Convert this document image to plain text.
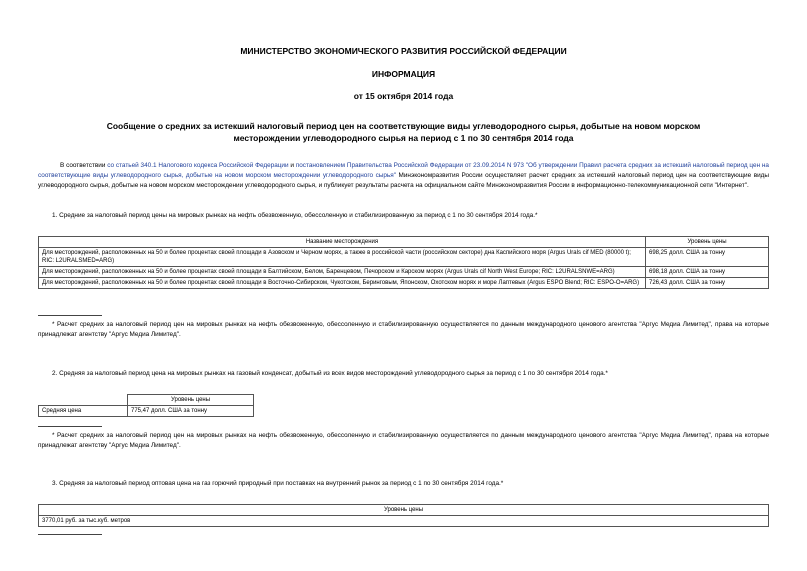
МИНИСТЕРСТВО ЭКОНОМИЧЕСКОГО РАЗВИТИЯ РОССИЙСКОЙ ФЕДЕРАЦИИ
ИНФОРМАЦИЯ
от 15 октября 2014 года
Сообщение о средних за истекший налоговый период цен на соответствующие виды углеводородного сырья, добытые на новом морском месторождении углеводородного сырья на период с 1 по 30 сентября 2014 года
В соответствии со статьей 340.1 Налогового кодекса Российской Федерации и постановлением Правительства Российской Федерации от 23.09.2014 N 973 "Об утверждении Правил расчета средних за истекший налоговый период цен на соответствующие виды углеводородного сырья, добытые на новом морском месторождении углеводородного сырья" Минэкономразвития России осуществляет расчет средних за истекший налоговый период цен на соответствующие виды углеводородного сырья, добытые на новом морском месторождении углеводородного сырья, и публикует результаты расчета на официальном сайте Минэкономразвития России в информационно-телекоммуникационной сети "Интернет".
1. Средние за налоговый период цены на мировых рынках на нефть обезвоженную, обессоленную и стабилизированную за период с 1 по 30 сентября 2014 года.*
Название месторождения	Уровень цены
Для месторождений, расположенных на 50 и более процентах своей площади в Азовском и Черном морях, а также в российской части (российском секторе) дна Каспийского моря (Argus Urals cif MED (80000 t); RIC: L2URALSMED=ARG)	698,25 долл. США за тонну
Для месторождений, расположенных на 50 и более процентах своей площади в Балтийском, Белом, Баренцевом, Печорском и Карском морях (Argus Urals cif North West Europe; RIC: L2URALSNWE=ARG)	698,18 долл. США за тонну
Для месторождений, расположенных на 50 и более процентах своей площади в Восточно-Сибирском, Чукотском, Беринговым, Японском, Охотском морях и море Лаптевых (Argus ESPO Blend; RIC: ESPO-O=ARG)	726,43 долл. США за тонну
* Расчет средних за налоговый период цен на мировых рынках на нефть обезвоженную, обессоленную и стабилизированную осуществляется по данным международного ценового агентства "Аргус Медиа Лимитед", права на которые принадлежат агентству "Аргус Медиа Лимитед".
2. Средняя за налоговый период цена на мировых рынках на газовый конденсат, добытый из всех видов месторождений углеводородного сырья за период с 1 по 30 сентября 2014 года.*
	Уровень цены
Средняя цена	775,47 долл. США за тонну
* Расчет средних за налоговый период цен на мировых рынках на нефть обезвоженную, обессоленную и стабилизированную осуществляется по данным международного ценового агентства "Аргус Медиа Лимитед", права на которые принадлежат агентству "Аргус Медиа Лимитед".
3. Средняя за налоговый период оптовая цена на газ горючий природный при поставках на внутренний рынок за период с 1 по 30 сентября 2014 года.*
Уровень цены
3770,01 руб. за тыс.куб. метров
